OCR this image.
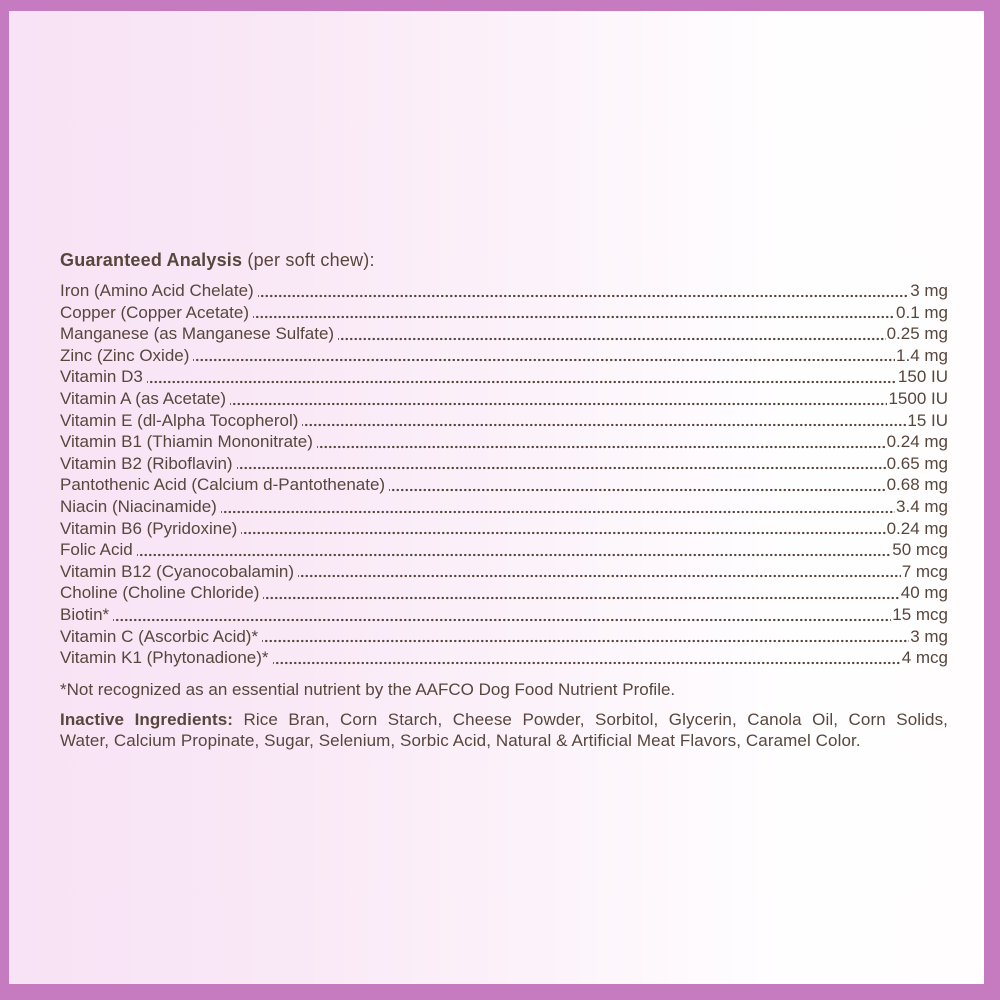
Guaranteed Analysis (per soft chew):
Iron (Amino Acid Chelate)	3 mg
Copper (Copper Acetate)	0.1 mg
Manganese (as Manganese Sulfate)	0.25 mg
Zinc (Zinc Oxide)	1.4 mg
Vitamin D3	150 IU
Vitamin A (as Acetate)	1500 IU
Vitamin E (dl-Alpha Tocopherol)	15 IU
Vitamin B1 (Thiamin Mononitrate)	0.24 mg
Vitamin B2 (Riboflavin)	0.65 mg
Pantothenic Acid (Calcium d-Pantothenate)	0.68 mg
Niacin (Niacinamide)	3.4 mg
Vitamin B6 (Pyridoxine)	0.24 mg
Folic Acid	50 mcg
Vitamin B12 (Cyanocobalamin)	7 mcg
Choline (Choline Chloride)	40 mg
Biotin*	15 mcg
Vitamin C (Ascorbic Acid)*	3 mg
Vitamin K1 (Phytonadione)*	4 mcg

*Not recognized as an essential nutrient by the AAFCO Dog Food Nutrient Profile.

Inactive Ingredients: Rice Bran, Corn Starch, Cheese Powder, Sorbitol, Glycerin, Canola Oil, Corn Solids,
Water, Calcium Propinate, Sugar, Selenium, Sorbic Acid, Natural & Artificial Meat Flavors, Caramel Color.
